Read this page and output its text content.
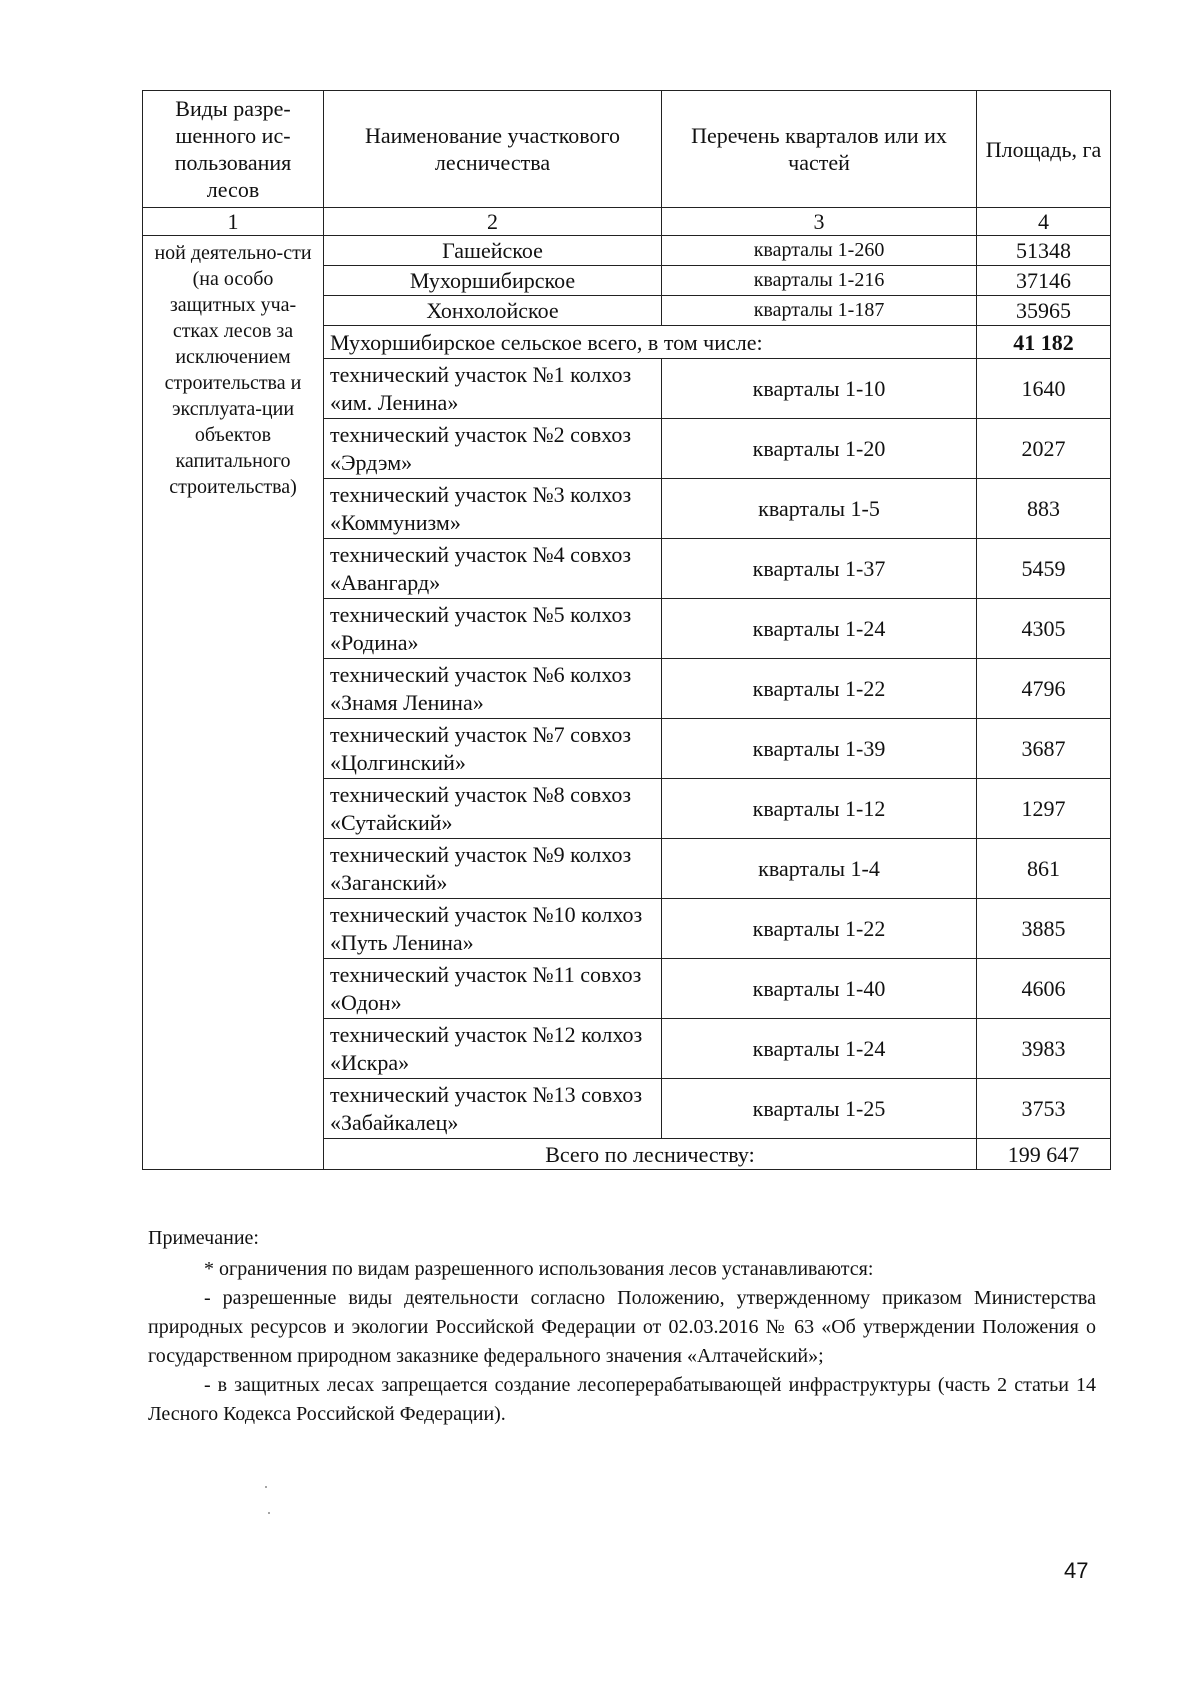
Виды разре-шенного ис-пользования лесов	Наименование участкового лесничества	Перечень кварталов или их частей	Площадь, га
1	2	3	4
ной деятельно-сти (на особо защитных уча-стках лесов за исключением строительства и эксплуата-ции объектов капитального строительства)	Гашейское	кварталы 1-260	51348
	Мухоршибирское	кварталы 1-216	37146
	Хонхолойское	кварталы 1-187	35965
	Мухоршибирское сельское всего, в том числе:		41 182
	технический участок №1 колхоз «им. Ленина»	кварталы 1-10	1640
	технический участок №2 совхоз «Эрдэм»	кварталы 1-20	2027
	технический участок №3 колхоз «Коммунизм»	кварталы 1-5	883
	технический участок №4 совхоз «Авангард»	кварталы 1-37	5459
	технический участок №5 колхоз «Родина»	кварталы 1-24	4305
	технический участок №6 колхоз «Знамя Ленина»	кварталы 1-22	4796
	технический участок №7 совхоз «Цолгинский»	кварталы 1-39	3687
	технический участок №8 совхоз «Сутайский»	кварталы 1-12	1297
	технический участок №9 колхоз «Заганский»	кварталы 1-4	861
	технический участок №10 колхоз «Путь Ленина»	кварталы 1-22	3885
	технический участок №11 совхоз «Одон»	кварталы 1-40	4606
	технический участок №12 колхоз «Искра»	кварталы 1-24	3983
	технический участок №13 совхоз «Забайкалец»	кварталы 1-25	3753
	Всего по лесничеству:		199 647
Примечание:

* ограничения по видам разрешенного использования лесов устанавливаются:

- разрешенные виды деятельности согласно Положению, утвержденному приказом Министерства природных ресурсов и экологии Российской Федерации от 02.03.2016 № 63 «Об утверждении Положения о государственном природном заказнике федерального значения «Алтачейский»;

- в защитных лесах запрещается создание лесоперерабатывающей инфраструктуры (часть 2 статьи 14 Лесного Кодекса Российской Федерации).

47
